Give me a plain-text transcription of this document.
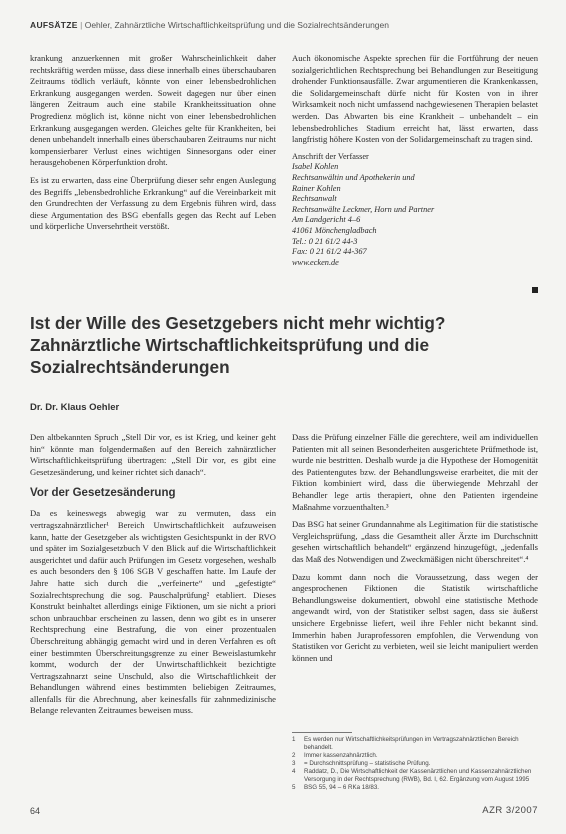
AUFSÄTZE | Oehler, Zahnärztliche Wirtschaftlichkeitsprüfung und die Sozialrechtsänderungen

krankung anzuerkennen mit großer Wahrscheinlichkeit daher rechtskräftig werden müsse, dass diese innerhalb eines überschaubaren Zeitraums tödlich verläuft, könnte von einer lebensbedrohlichen Erkrankung ausgegangen werden. Soweit dagegen nur über einen längeren Zeitraum auch eine stabile Krankheitssituation ohne Progredienz möglich ist, könne nicht von einer lebensbedrohlichen Erkrankung ausgegangen werden. Gleiches gelte für Krankheiten, bei denen unbehandelt innerhalb eines überschaubaren Zeitraums nur nicht kompensierbarer Verlust eines wichtigen Sinnesorgans oder einer herausgehobenen Körperfunktion droht.

Es ist zu erwarten, dass eine Überprüfung dieser sehr engen Auslegung des Begriffs „lebensbedrohliche Erkrankung“ auf die Vereinbarkeit mit den Grundrechten der Verfassung zu dem Ergebnis führen wird, dass diese Argumentation des BSG ebenfalls gegen das Recht auf Leben und körperliche Unversehrtheit verstößt.

Auch ökonomische Aspekte sprechen für die Fortführung der neuen sozialgerichtlichen Rechtsprechung bei Behandlungen zur Beseitigung drohender Funktionsausfälle. Zwar argumentieren die Krankenkassen, die Solidargemeinschaft dürfe nicht für Kosten von in ihrer Wirksamkeit noch nicht umfassend nachgewiesenen Therapien belastet werden. Das Abwarten bis eine Krankheit – unbehandelt – ein lebensbedrohliches Stadium erreicht hat, lässt erwarten, dass langfristig höhere Kosten von der Solidargemeinschaft zu tragen sind.

Anschrift der Verfasser
Isabel Kohlen
Rechtsanwältin und Apothekerin und
Rainer Kohlen
Rechtsanwalt
Rechtsanwälte Leckmer, Horn und Partner
Am Landgericht 4–6
41061 Mönchengladbach
Tel.: 0 21 61/2 44-3
Fax: 0 21 61/2 44-367
www.ecken.de
Ist der Wille des Gesetzgebers nicht mehr wichtig? Zahnärztliche Wirtschaftlichkeitsprüfung und die Sozialrechtsänderungen
Dr. Dr. Klaus Oehler

Den altbekannten Spruch „Stell Dir vor, es ist Krieg, und keiner geht hin“ könnte man folgendermaßen auf den Bereich zahnärztlicher Wirtschaftlichkeitsprüfung übertragen: „Stell Dir vor, es gibt eine Gesetzesänderung, und keiner richtet sich danach“.

Vor der Gesetzesänderung

Da es keineswegs abwegig war zu vermuten, dass ein vertragszahnärztlicher¹ Bereich Unwirtschaftlichkeit aufzuweisen kann, hatte der Gesetzgeber als wichtigsten Gesichtspunkt in der RVO und später im Sozialgesetzbuch V den Blick auf die Wirtschaftlichkeit ausgerichtet und dafür auch Prüfungen im Gesetz vorgesehen, weshalb es auch besonders den § 106 SGB V geschaffen hatte. Im Laufe der Jahre hatte sich durch die „verfeinerte“ und „gefestigte“ Sozialrechtsprechung die sog. Pauschalprüfung² etabliert. Dieses Konstrukt beinhaltet allerdings einige Fiktionen, um sie nicht a priori schon unbrauchbar erscheinen zu lassen, denn wo gibt es in unserer Rechtsprechung eine Bestrafung, die von einer prozentualen Überschreitung abhängig gemacht wird und in deren Verfahren es oft einer bestimmten Überschreitungsgrenze zu einer Beweislastumkehr kommt, wodurch der der Unwirtschaftlichkeit bezichtigte Vertragszahnarzt seine Unschuld, also die Wirtschaftlichkeit der Behandlungen während eines bestimmten beliebigen Zeitraumes, allenfalls für die Abrechnung, aber keinesfalls für zahnmedizinische Belange relevanten Zeitraumes beweisen muss.

Dass die Prüfung einzelner Fälle die gerechtere, weil am individuellen Patienten mit all seinen Besonderheiten ausgerichtete Prüfmethode ist, wurde nie bestritten. Deshalb wurde ja die Hypothese der Homogenität des Patientengutes bzw. der Behandlungsweise erarbeitet, die mit der Fiktion kombiniert wird, dass die überwiegende Mehrzahl der Behandler lege artis therapiert, ohne den Patienten irgendeine Maßnahme vorzuenthalten.³

Das BSG hat seiner Grundannahme als Legitimation für die statistische Vergleichsprüfung, „dass die Gesamtheit aller Ärzte im Durchschnitt gesehen wirtschaftlich behandelt“ ergänzend hinzugefügt, „jedenfalls das Maß des Notwendigen und Zweckmäßigen nicht überschreitet“.⁴

Dazu kommt dann noch die Voraussetzung, dass wegen der angesprochenen Fiktionen die Statistik wirtschaftliche Behandlungsweise dokumentiert, obwohl eine statistische Methode angewandt wird, von der Statistiker selbst sagen, dass sie äußerst unsichere Ergebnisse liefert, weil ihre Fehler nicht bekannt sind. Immerhin haben Juraprofessoren empfohlen, die Verwendung von Statistiken vor Gericht zu verbieten, weil sie leicht manipuliert werden können und

1	Es werden nur Wirtschaftlichkeitsprüfungen im Vertragszahnärztlichen Bereich behandelt.
2	Immer kassenzahnärztlich.
3	= Durchschnittsprüfung – statistische Prüfung.
4	Raddatz, D., Die Wirtschaftlichkeit der Kassenärztlichen und Kassenzahnärztlichen Versorgung in der Rechtsprechung (RWB), Bd. I, 62. Ergänzung vom August 1995
5	BSG 55, 94 – 6 RKa 18/83.
64	AZR 3/2007
